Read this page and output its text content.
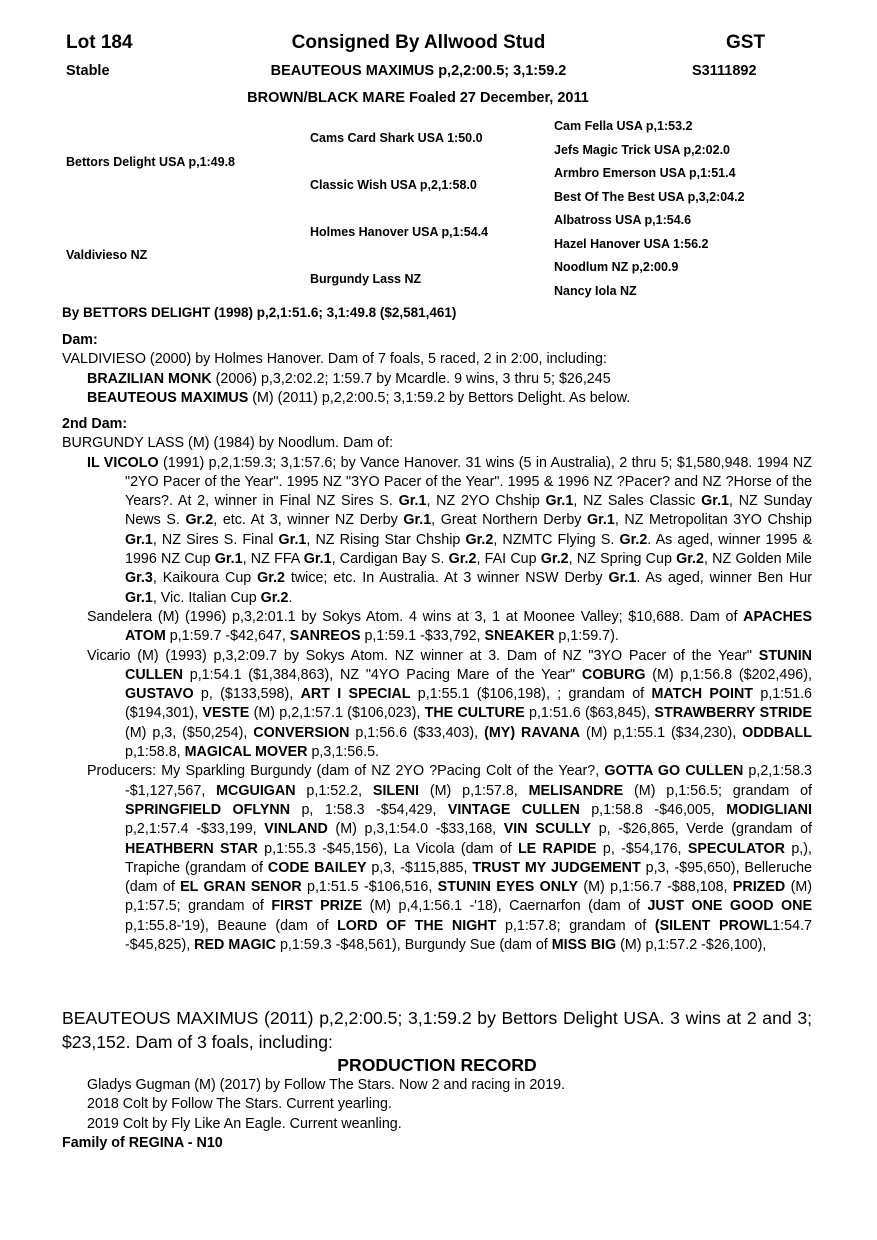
Lot 184	Consigned By Allwood Stud	GST
Stable	BEAUTEOUS MAXIMUS p,2,2:00.5; 3,1:59.2	S3111892
BROWN/BLACK MARE Foaled 27 December, 2011
Bettors Delight USA p,1:49.8
Valdivieso NZ
Cams Card Shark USA 1:50.0
Classic Wish USA p,2,1:58.0
Holmes Hanover USA p,1:54.4
Burgundy Lass NZ
Cam Fella USA p,1:53.2
Jefs Magic Trick USA p,2:02.0
Armbro Emerson USA p,1:51.4
Best Of The Best USA p,3,2:04.2
Albatross USA p,1:54.6
Hazel Hanover USA 1:56.2
Noodlum NZ p,2:00.9
Nancy Iola NZ
By BETTORS DELIGHT (1998) p,2,1:51.6; 3,1:49.8 ($2,581,461)
Dam:
VALDIVIESO (2000) by Holmes Hanover. Dam of 7 foals, 5 raced, 2 in 2:00, including:
BRAZILIAN MONK (2006) p,3,2:02.2; 1:59.7 by Mcardle. 9 wins, 3 thru 5; $26,245
BEAUTEOUS MAXIMUS (M) (2011) p,2,2:00.5; 3,1:59.2 by Bettors Delight. As below.
2nd Dam:
BURGUNDY LASS (M) (1984) by Noodlum. Dam of:

IL VICOLO (1991) p,2,1:59.3; 3,1:57.6; by Vance Hanover. 31 wins (5 in Australia), 2 thru 5; $1,580,948. 1994 NZ "2YO Pacer of the Year". 1995 NZ "3YO Pacer of the Year". 1995 & 1996 NZ ?Pacer? and NZ ?Horse of the Years?. At 2, winner in Final NZ Sires S. Gr.1, NZ 2YO Chship Gr.1, NZ Sales Classic Gr.1, NZ Sunday News S. Gr.2, etc. At 3, winner NZ Derby Gr.1, Great Northern Derby Gr.1, NZ Metropolitan 3YO Chship Gr.1, NZ Sires S. Final Gr.1, NZ Rising Star Chship Gr.2, NZMTC Flying S. Gr.2. As aged, winner 1995 & 1996 NZ Cup Gr.1, NZ FFA Gr.1, Cardigan Bay S. Gr.2, FAI Cup Gr.2, NZ Spring Cup Gr.2, NZ Golden Mile Gr.3, Kaikoura Cup Gr.2 twice; etc. In Australia. At 3 winner NSW Derby Gr.1. As aged, winner Ben Hur Gr.1, Vic. Italian Cup Gr.2.

Sandelera (M) (1996) p,3,2:01.1 by Sokys Atom. 4 wins at 3, 1 at Moonee Valley; $10,688. Dam of APACHES ATOM p,1:59.7 -$42,647, SANREOS p,1:59.1 -$33,792, SNEAKER p,1:59.7).

Vicario (M) (1993) p,3,2:09.7 by Sokys Atom. NZ winner at 3. Dam of NZ "3YO Pacer of the Year" STUNIN CULLEN p,1:54.1 ($1,384,863), NZ "4YO Pacing Mare of the Year" COBURG (M) p,1:56.8 ($202,496), GUSTAVO p, ($133,598), ART I SPECIAL p,1:55.1 ($106,198), ; grandam of MATCH POINT p,1:51.6 ($194,301), VESTE (M) p,2,1:57.1 ($106,023), THE CULTURE p,1:51.6 ($63,845), STRAWBERRY STRIDE (M) p,3, ($50,254), CONVERSION p,1:56.6 ($33,403), (MY) RAVANA (M) p,1:55.1 ($34,230), ODDBALL p,1:58.8, MAGICAL MOVER p,3,1:56.5.

Producers: My Sparkling Burgundy (dam of NZ 2YO ?Pacing Colt of the Year?, GOTTA GO CULLEN p,2,1:58.3 -$1,127,567, MCGUIGAN p,1:52.2, SILENI (M) p,1:57.8, MELISANDRE (M) p,1:56.5; grandam of SPRINGFIELD OFLYNN p, 1:58.3 -$54,429, VINTAGE CULLEN p,1:58.8 -$46,005, MODIGLIANI p,2,1:57.4 -$33,199, VINLAND (M) p,3,1:54.0 -$33,168, VIN SCULLY p, -$26,865, Verde (grandam of HEATHBERN STAR p,1:55.3 -$45,156), La Vicola (dam of LE RAPIDE p, -$54,176, SPECULATOR p,), Trapiche (grandam of CODE BAILEY p,3, -$115,885, TRUST MY JUDGEMENT p,3, -$95,650), Belleruche (dam of EL GRAN SENOR p,1:51.5 -$106,516, STUNIN EYES ONLY (M) p,1:56.7 -$88,108, PRIZED (M) p,1:57.5; grandam of FIRST PRIZE (M) p,4,1:56.1 -'18), Caernarfon (dam of JUST ONE GOOD ONE p,1:55.8-'19), Beaune (dam of LORD OF THE NIGHT p,1:57.8; grandam of (SILENT PROWL1:54.7 -$45,825), RED MAGIC p,1:59.3 -$48,561), Burgundy Sue (dam of MISS BIG (M) p,1:57.2 -$26,100),

BEAUTEOUS MAXIMUS (2011) p,2,2:00.5; 3,1:59.2 by Bettors Delight USA. 3 wins at 2 and 3; $23,152. Dam of 3 foals, including:

PRODUCTION RECORD
Gladys Gugman (M) (2017) by Follow The Stars. Now 2 and racing in 2019.
2018 Colt by Follow The Stars. Current yearling.
2019 Colt by Fly Like An Eagle. Current weanling.
Family of REGINA - N10
